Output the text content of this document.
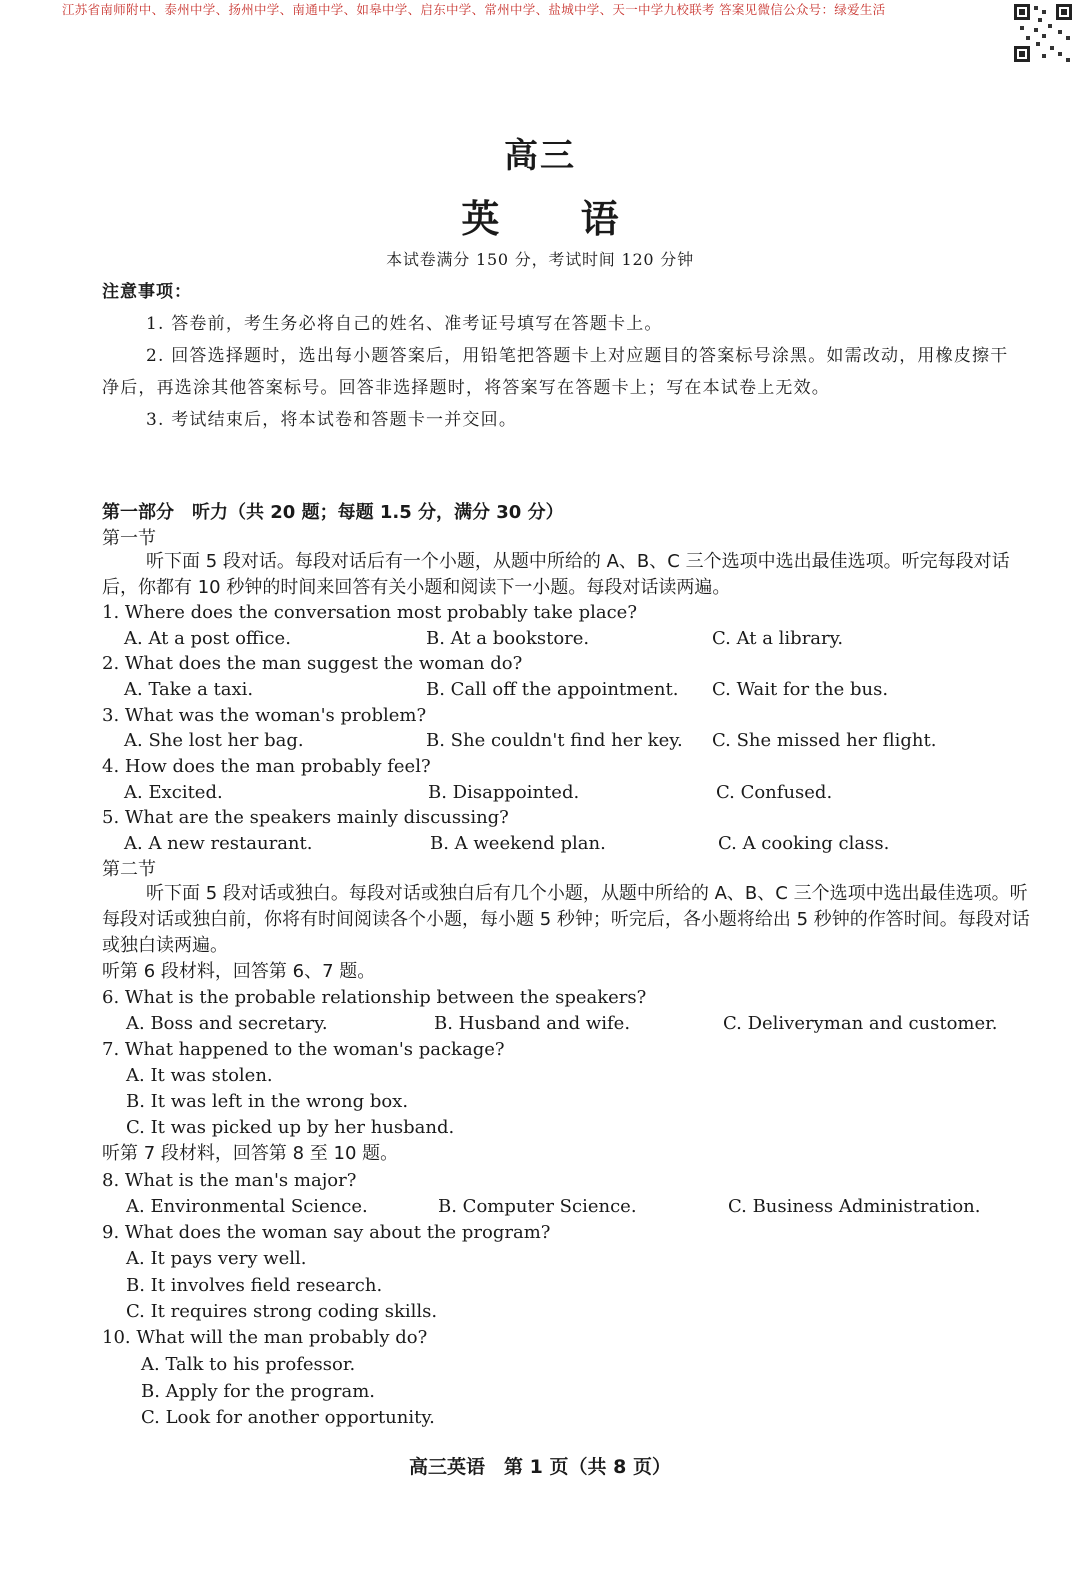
江苏省南师附中、泰州中学、扬州中学、南通中学、如皋中学、启东中学、常州中学、盐城中学、天一中学九校联考 答案见微信公众号：绿爱生活
高三
英 语
本试卷满分 150 分，考试时间 120 分钟

注意事项：

1. 答卷前，考生务必将自己的姓名、准考证号填写在答题卡上。

2. 回答选择题时，选出每小题答案后，用铅笔把答题卡上对应题目的答案标号涂黑。如需改动，用橡皮擦干净后，再选涂其他答案标号。回答非选择题时，将答案写在答题卡上；写在本试卷上无效。

3. 考试结束后，将本试卷和答题卡一并交回。

第一部分　听力（共 20 题；每题 1.5 分，满分 30 分）
第一节
听下面 5 段对话。每段对话后有一个小题，从题中所给的 A、B、C 三个选项中选出最佳选项。听完每段对话后，你都有 10 秒钟的时间来回答有关小题和阅读下一小题。每段对话读两遍。
1. Where does the conversation most probably take place?
A. At a post office.	B. At a bookstore.	C. At a library.
2. What does the man suggest the woman do?
A. Take a taxi.	B. Call off the appointment. C. Wait for the bus.
3. What was the woman's problem?
A. She lost her bag.	B. She couldn't find her key. C. She missed her flight.
4. How does the man probably feel?
A. Excited.	B. Disappointed.	C. Confused.
5. What are the speakers mainly discussing?
A. A new restaurant.	B. A weekend plan.	C. A cooking class.
第二节
听下面 5 段对话或独白。每段对话或独白后有几个小题，从题中所给的 A、B、C 三个选项中选出最佳选项。听每段对话或独白前，你将有时间阅读各个小题，每小题 5 秒钟；听完后，各小题将给出 5 秒钟的作答时间。每段对话或独白读两遍。
听第 6 段材料，回答第 6、7 题。
6. What is the probable relationship between the speakers?
A. Boss and secretary.	B. Husband and wife.	C. Deliveryman and customer.
7. What happened to the woman's package?
A. It was stolen.
B. It was left in the wrong box.
C. It was picked up by her husband.
听第 7 段材料，回答第 8 至 10 题。
8. What is the man's major?
A. Environmental Science.	B. Computer Science.	C. Business Administration.
9. What does the woman say about the program?
A. It pays very well.
B. It involves field research.
C. It requires strong coding skills.
10. What will the man probably do?
A. Talk to his professor.
B. Apply for the program.
C. Look for another opportunity.
高三英语　第 1 页（共 8 页）
